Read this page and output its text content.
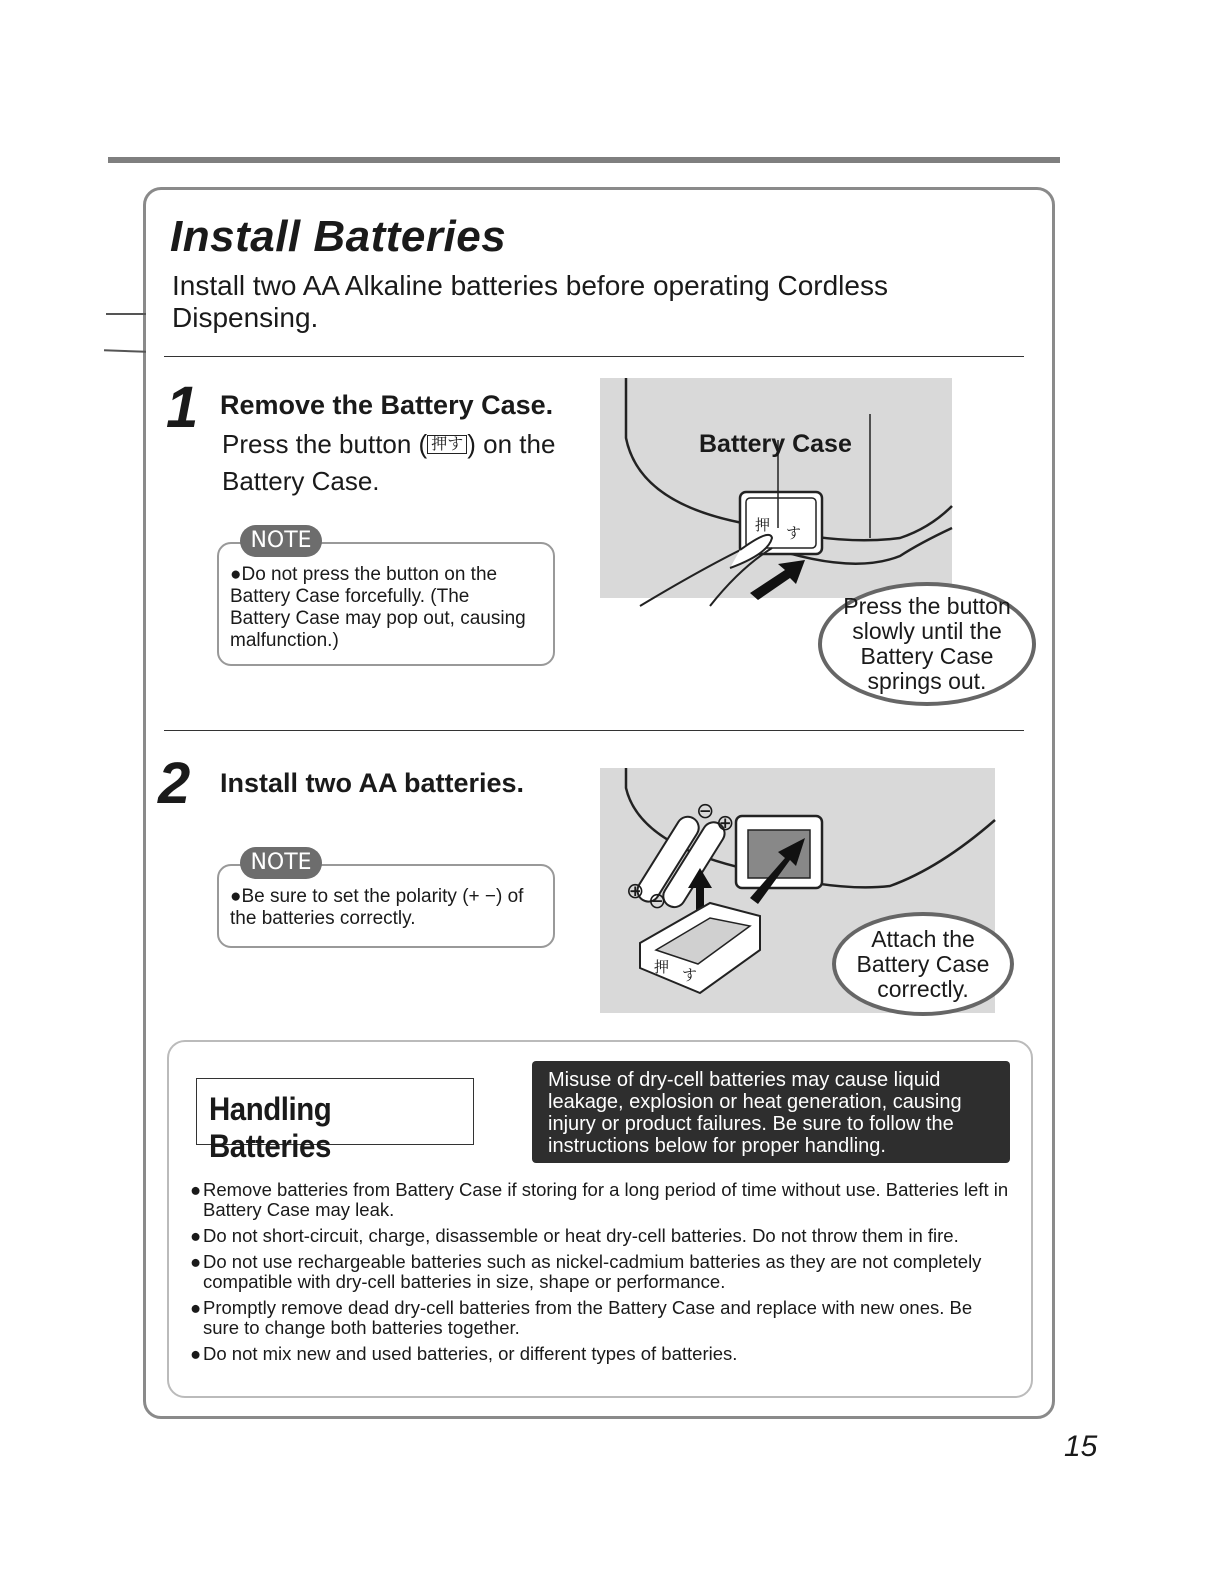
Install Batteries

Install two AA Alkaline batteries before operating Cordless Dispensing.

1 Remove the Battery Case.
Press the button ( 押す ) on the Battery Case.
NOTE
●Do not press the button on the Battery Case forcefully. (The Battery Case may pop out, causing malfunction.)
Battery Case
押 す
Press the button slowly until the Battery Case springs out.
2 Install two AA batteries.
NOTE
●Be sure to set the polarity (+ −) of the batteries correctly.
⊖ ⊕
⊕ ⊖
押 す
Attach the Battery Case correctly.
Handling Batteries
Misuse of dry-cell batteries may cause liquid leakage, explosion or heat generation, causing injury or product failures. Be sure to follow the instructions below for proper handling.
● Remove batteries from Battery Case if storing for a long period of time without use. Batteries left in Battery Case may leak.
● Do not short-circuit, charge, disassemble or heat dry-cell batteries. Do not throw them in fire.
● Do not use rechargeable batteries such as nickel-cadmium batteries as they are not completely compatible with dry-cell batteries in size, shape or performance.
● Promptly remove dead dry-cell batteries from the Battery Case and replace with new ones. Be sure to change both batteries together.
● Do not mix new and used batteries, or different types of batteries.
15
